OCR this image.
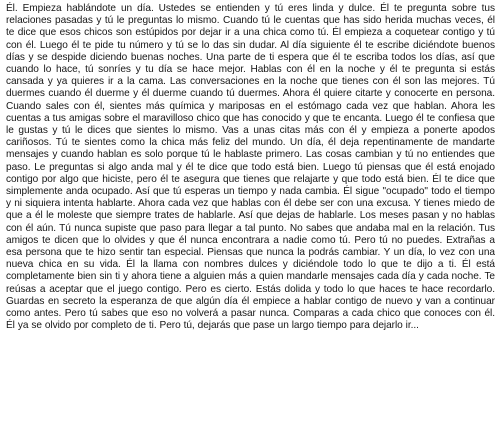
Él. Empieza hablándote un día. Ustedes se entienden y tú eres linda y dulce. Él te pregunta sobre tus relaciones pasadas y tú le preguntas lo mismo. Cuando tú le cuentas que has sido herida muchas veces, él te dice que esos chicos son estúpidos por dejar ir a una chica como tú. Él empieza a coquetear contigo y tú con él. Luego él te pide tu número y tú se lo das sin dudar. Al día siguiente él te escribe diciéndote buenos días y se despide diciendo buenas noches. Una parte de ti espera que él te escriba todos los días, así que cuando lo hace, tú sonríes y tu día se hace mejor. Hablas con él en la noche y él te pregunta si estás cansada y ya quieres ir a la cama. Las conversaciones en la noche que tienes con él son las mejores. Tú duermes cuando él duerme y él duerme cuando tú duermes. Ahora él quiere citarte y conocerte en persona. Cuando sales con él, sientes más química y mariposas en el estómago cada vez que hablan. Ahora les cuentas a tus amigas sobre el maravilloso chico que has conocido y que te encanta. Luego él te confiesa que le gustas y tú le dices que sientes lo mismo. Vas a unas citas más con él y empieza a ponerte apodos cariñosos. Tú te sientes como la chica más feliz del mundo. Un día, él deja repentinamente de mandarte mensajes y cuando hablan es solo porque tú le hablaste primero. Las cosas cambian y tú no entiendes que paso. Le preguntas si algo anda mal y él te dice que todo está bien. Luego tú piensas que él está enojado contigo por algo que hiciste, pero él te asegura que tienes que relajarte y que todo está bien. Él te dice que simplemente anda ocupado. Así que tú esperas un tiempo y nada cambia. Él sigue "ocupado" todo el tiempo y ni siquiera intenta hablarte. Ahora cada vez que hablas con él debe ser con una excusa. Y tienes miedo de que a él le moleste que siempre trates de hablarle. Así que dejas de hablarle. Los meses pasan y no hablas con él aún. Tú nunca supiste que paso para llegar a tal punto. No sabes que andaba mal en la relación. Tus amigos te dicen que lo olvides y que él nunca encontrara a nadie como tú. Pero tú no puedes. Extrañas a esa persona que te hizo sentir tan especial. Piensas que nunca la podrás cambiar. Y un día, lo vez con una nueva chica en su vida. Él la llama con nombres dulces y diciéndole todo lo que te dijo a ti. Él está completamente bien sin ti y ahora tiene a alguien más a quien mandarle mensajes cada día y cada noche. Te reúsas a aceptar que el juego contigo. Pero es cierto. Estás dolida y todo lo que haces te hace recordarlo. Guardas en secreto la esperanza de que algún día él empiece a hablar contigo de nuevo y van a continuar como antes. Pero tú sabes que eso no volverá a pasar nunca. Comparas a cada chico que conoces con él. Él ya se olvido por completo de ti. Pero tú, dejarás que pase un largo tiempo para dejarlo ir...
